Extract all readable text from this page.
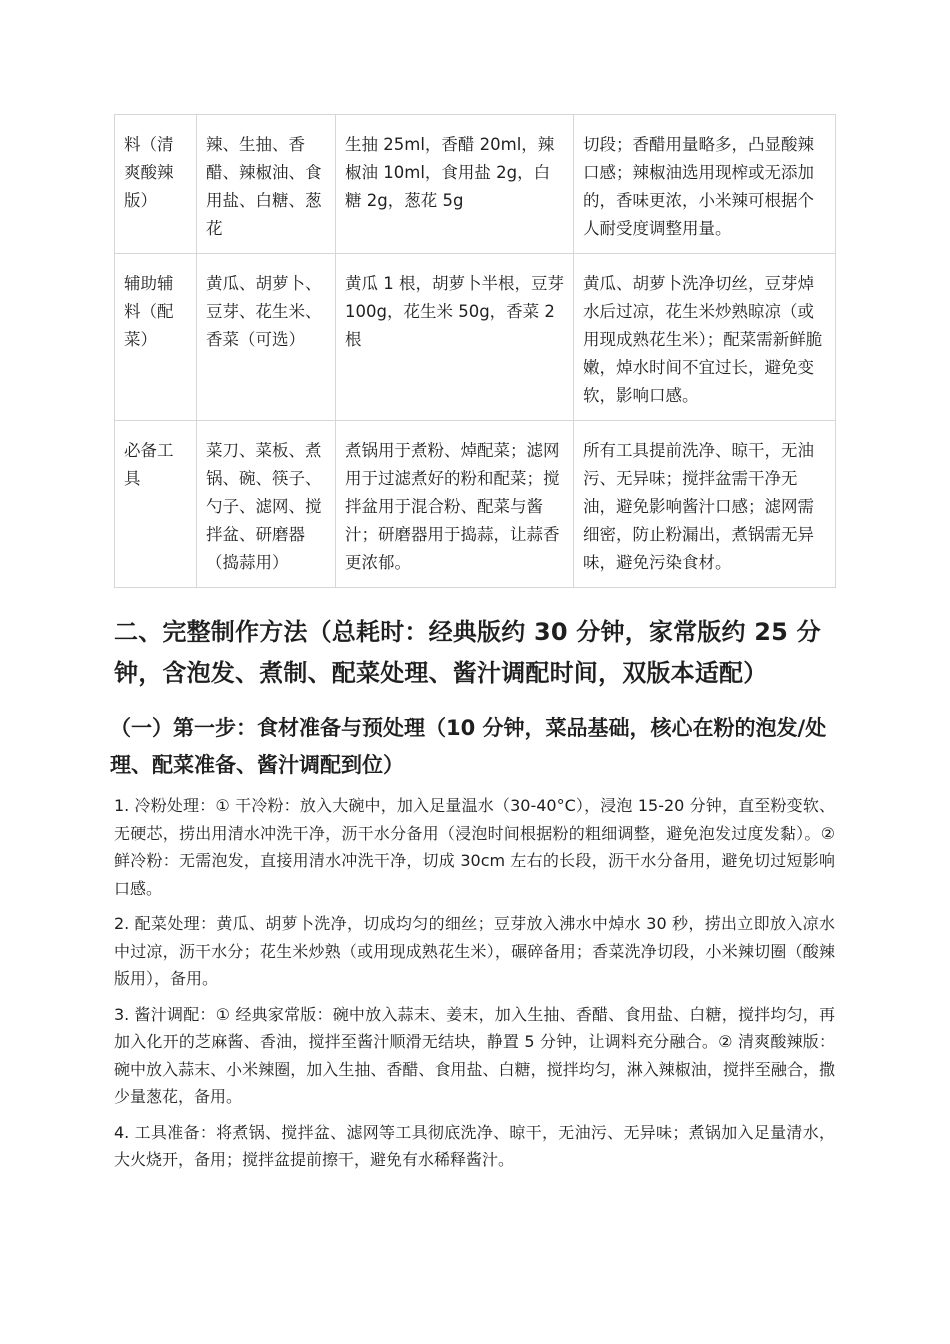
料（清爽酸辣版）	辣、生抽、香醋、辣椒油、食用盐、白糖、葱花	生抽 25ml，香醋 20ml，辣椒油 10ml，食用盐 2g，白糖 2g，葱花 5g	切段；香醋用量略多，凸显酸辣口感；辣椒油选用现榨或无添加的，香味更浓，小米辣可根据个人耐受度调整用量。
辅助辅料（配菜）	黄瓜、胡萝卜、豆芽、花生米、香菜（可选）	黄瓜 1 根，胡萝卜半根，豆芽 100g，花生米 50g，香菜 2 根	黄瓜、胡萝卜洗净切丝，豆芽焯水后过凉，花生米炒熟晾凉（或用现成熟花生米）；配菜需新鲜脆嫩，焯水时间不宜过长，避免变软，影响口感。
必备工具	菜刀、菜板、煮锅、碗、筷子、勺子、滤网、搅拌盆、研磨器（捣蒜用）	煮锅用于煮粉、焯配菜；滤网用于过滤煮好的粉和配菜；搅拌盆用于混合粉、配菜与酱汁；研磨器用于捣蒜，让蒜香更浓郁。	所有工具提前洗净、晾干，无油污、无异味；搅拌盆需干净无油，避免影响酱汁口感；滤网需细密，防止粉漏出，煮锅需无异味，避免污染食材。
二、完整制作方法（总耗时：经典版约 30 分钟，家常版约 25 分钟，含泡发、煮制、配菜处理、酱汁调配时间，双版本适配）
（一）第一步：食材准备与预处理（10 分钟，菜品基础，核心在粉的泡发/处理、配菜准备、酱汁调配到位）
1. 冷粉处理：① 干冷粉：放入大碗中，加入足量温水（30-40°C），浸泡 15-20 分钟，直至粉变软、无硬芯，捞出用清水冲洗干净，沥干水分备用（浸泡时间根据粉的粗细调整，避免泡发过度发黏）。② 鲜冷粉：无需泡发，直接用清水冲洗干净，切成 30cm 左右的长段，沥干水分备用，避免切过短影响口感。
2. 配菜处理：黄瓜、胡萝卜洗净，切成均匀的细丝；豆芽放入沸水中焯水 30 秒，捞出立即放入凉水中过凉，沥干水分；花生米炒熟（或用现成熟花生米），碾碎备用；香菜洗净切段，小米辣切圈（酸辣版用），备用。
3. 酱汁调配：① 经典家常版：碗中放入蒜末、姜末，加入生抽、香醋、食用盐、白糖，搅拌均匀，再加入化开的芝麻酱、香油，搅拌至酱汁顺滑无结块，静置 5 分钟，让调料充分融合。② 清爽酸辣版：碗中放入蒜末、小米辣圈，加入生抽、香醋、食用盐、白糖，搅拌均匀，淋入辣椒油，搅拌至融合，撒少量葱花，备用。
4. 工具准备：将煮锅、搅拌盆、滤网等工具彻底洗净、晾干，无油污、无异味；煮锅加入足量清水，大火烧开，备用；搅拌盆提前擦干，避免有水稀释酱汁。
